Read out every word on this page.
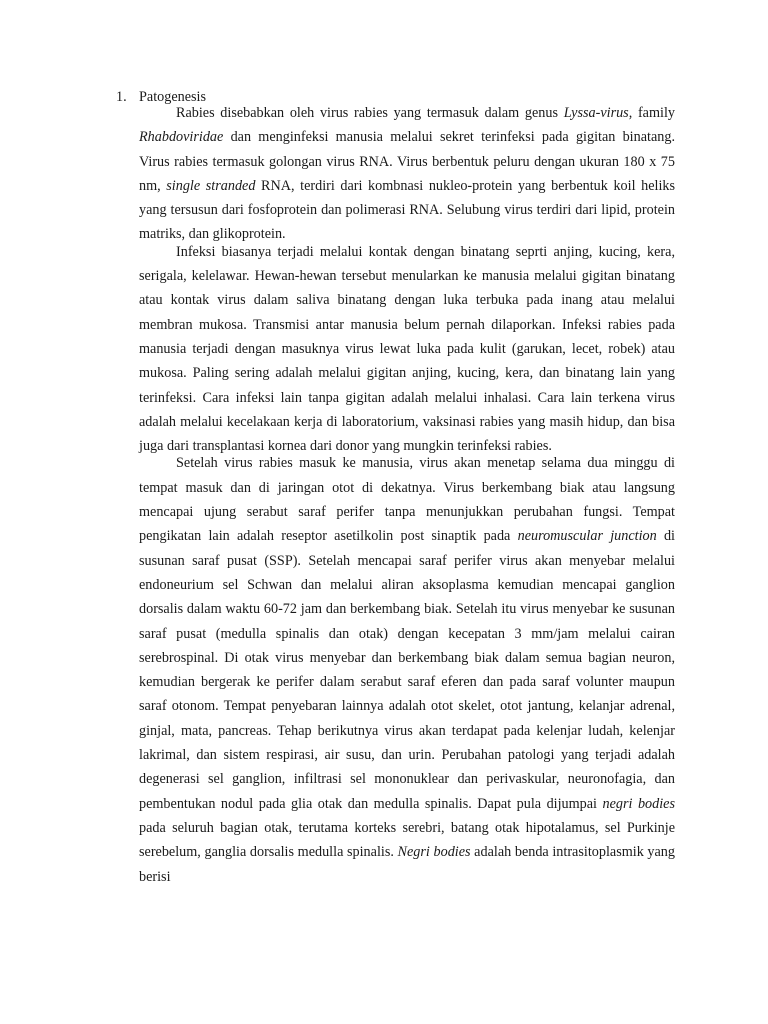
1. Patogenesis

Rabies disebabkan oleh virus rabies yang termasuk dalam genus Lyssa-virus, family Rhabdoviridae dan menginfeksi manusia melalui sekret terinfeksi pada gigitan binatang. Virus rabies termasuk golongan virus RNA. Virus berbentuk peluru dengan ukuran 180 x 75 nm, single stranded RNA, terdiri dari kombnasi nukleo-protein yang berbentuk koil heliks yang tersusun dari fosfoprotein dan polimerasi RNA. Selubung virus terdiri dari lipid, protein matriks, dan glikoprotein.

Infeksi biasanya terjadi melalui kontak dengan binatang seprti anjing, kucing, kera, serigala, kelelawar. Hewan-hewan tersebut menularkan ke manusia melalui gigitan binatang atau kontak virus dalam saliva binatang dengan luka terbuka pada inang atau melalui membran mukosa. Transmisi antar manusia belum pernah dilaporkan. Infeksi rabies pada manusia terjadi dengan masuknya virus lewat luka pada kulit (garukan, lecet, robek) atau mukosa. Paling sering adalah melalui gigitan anjing, kucing, kera, dan binatang lain yang terinfeksi. Cara infeksi lain tanpa gigitan adalah melalui inhalasi. Cara lain terkena virus adalah melalui kecelakaan kerja di laboratorium, vaksinasi rabies yang masih hidup, dan bisa juga dari transplantasi kornea dari donor yang mungkin terinfeksi rabies.

Setelah virus rabies masuk ke manusia, virus akan menetap selama dua minggu di tempat masuk dan di jaringan otot di dekatnya. Virus berkembang biak atau langsung mencapai ujung serabut saraf perifer tanpa menunjukkan perubahan fungsi. Tempat pengikatan lain adalah reseptor asetilkolin post sinaptik pada neuromuscular junction di susunan saraf pusat (SSP). Setelah mencapai saraf perifer virus akan menyebar melalui endoneurium sel Schwan dan melalui aliran aksoplasma kemudian mencapai ganglion dorsalis dalam waktu 60-72 jam dan berkembang biak. Setelah itu virus menyebar ke susunan saraf pusat (medulla spinalis dan otak) dengan kecepatan 3 mm/jam melalui cairan serebrospinal. Di otak virus menyebar dan berkembang biak dalam semua bagian neuron, kemudian bergerak ke perifer dalam serabut saraf eferen dan pada saraf volunter maupun saraf otonom. Tempat penyebaran lainnya adalah otot skelet, otot jantung, kelanjar adrenal, ginjal, mata, pancreas. Tehap berikutnya virus akan terdapat pada kelenjar ludah, kelenjar lakrimal, dan sistem respirasi, air susu, dan urin. Perubahan patologi yang terjadi adalah degenerasi sel ganglion, infiltrasi sel mononuklear dan perivaskular, neuronofagia, dan pembentukan nodul pada glia otak dan medulla spinalis. Dapat pula dijumpai negri bodies pada seluruh bagian otak, terutama korteks serebri, batang otak hipotalamus, sel Purkinje serebelum, ganglia dorsalis medulla spinalis. Negri bodies adalah benda intrasitoplasmik yang berisi
